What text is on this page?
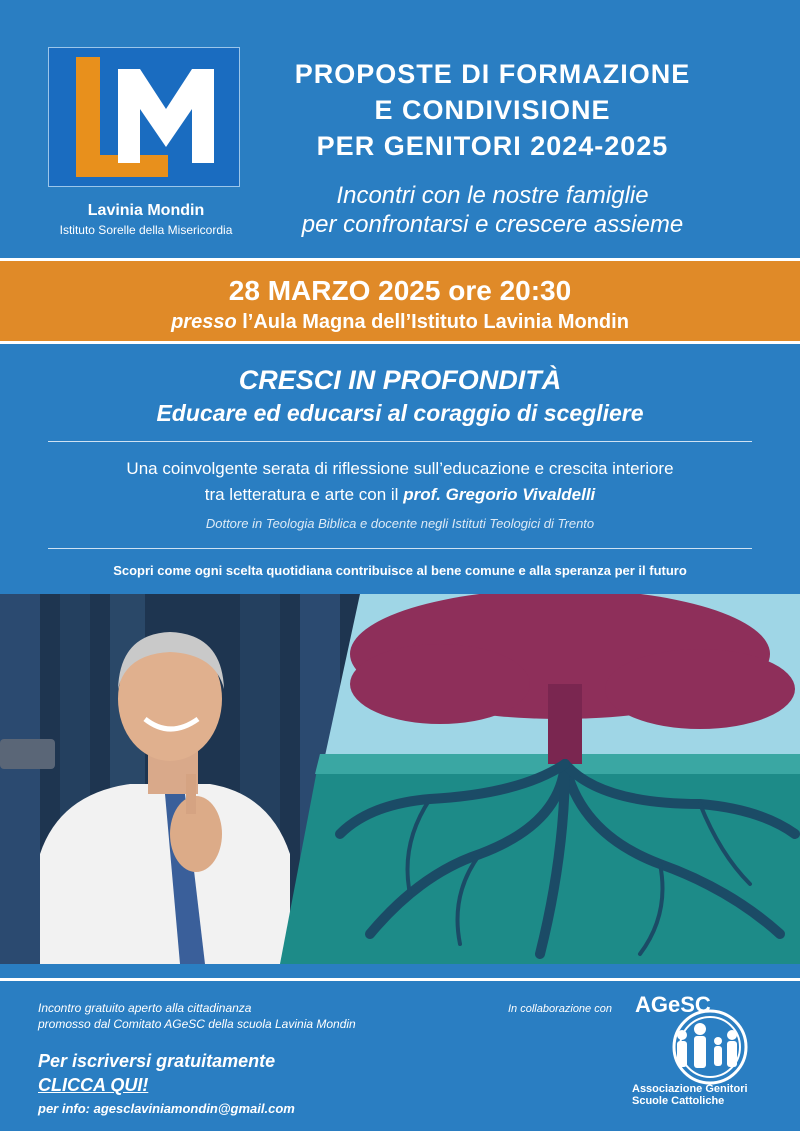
Lavinia Mondin
Istituto Sorelle della Misericordia
PROPOSTE DI FORMAZIONE
E CONDIVISIONE
PER GENITORI 2024-2025
Incontri con le nostre famiglie
per confrontarsi e crescere assieme
28 MARZO 2025 ore 20:30
presso l’Aula Magna dell’Istituto Lavinia Mondin
CRESCI IN PROFONDITÀ
Educare ed educarsi al coraggio di scegliere
Una coinvolgente serata di riflessione sull’educazione e crescita interiore
tra letteratura e arte con il prof. Gregorio Vivaldelli
Dottore in Teologia Biblica e docente negli Istituti Teologici di Trento
Scopri come ogni scelta quotidiana contribuisce al bene comune e alla speranza per il futuro
Incontro gratuito aperto alla cittadinanza
promosso dal Comitato AGeSC della scuola Lavinia Mondin
Per iscriversi gratuitamente
CLICCA QUI!
per info: agesclaviniamondin@gmail.com
In collaborazione con	AGeSC
Associazione Genitori
Scuole Cattoliche
